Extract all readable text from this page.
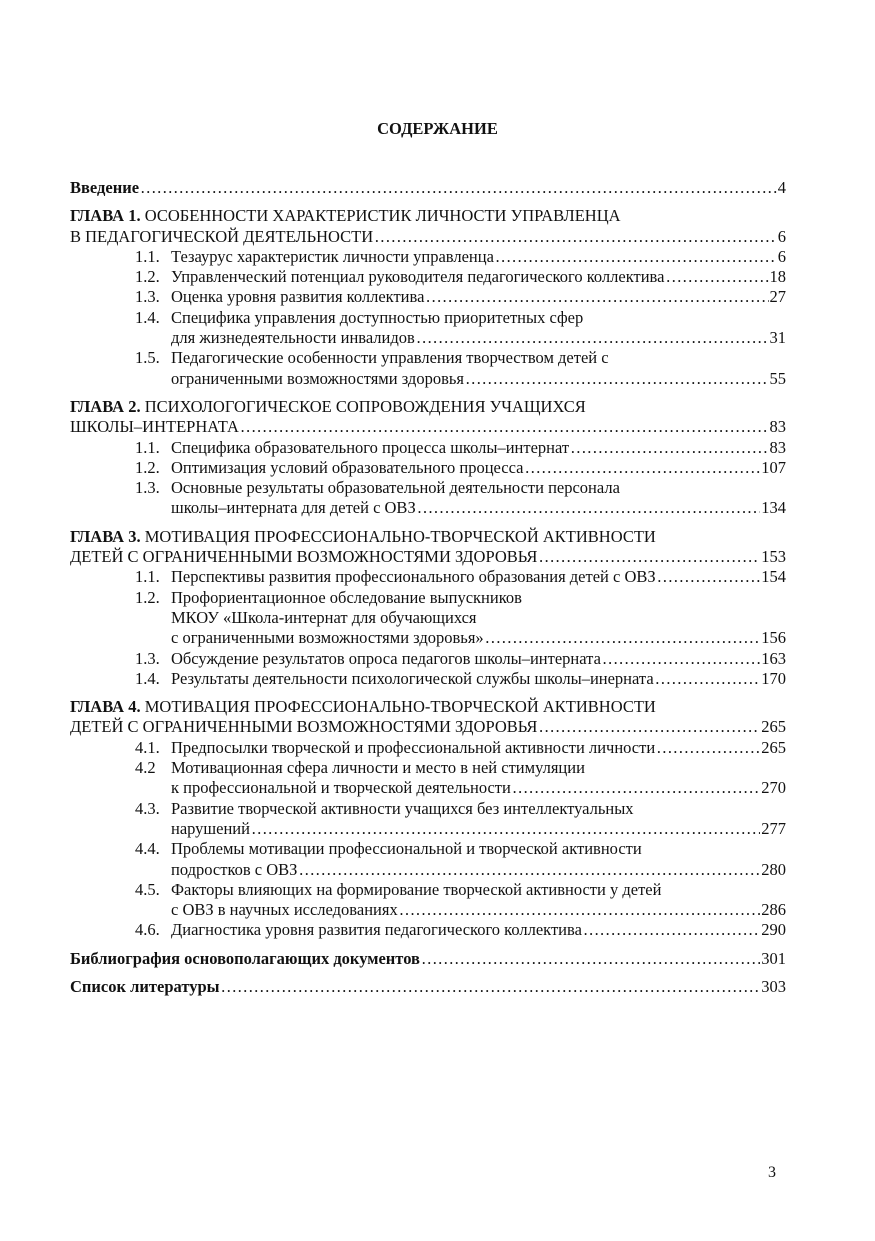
СОДЕРЖАНИЕ
Введение ……………………………………………………………………………………………………………………………………………………………	4
ГЛАВА 1.
ОСОБЕННОСТИ ХАРАКТЕРИСТИК ЛИЧНОСТИ УПРАВЛЕНЦА
В ПЕДАГОГИЧЕСКОЙ ДЕЯТЕЛЬНОСТИ ……………………………………………………………………………………………………………………………………………………………	6
1.1. Тезаурус характеристик личности управленца ……………………………………………………………………………………………………………………………………………………………	6
1.2. Управленческий потенциал руководителя педагогического коллектива ……………………………………………………………………………………………………………………………………………………………	18
1.3. Оценка уровня развития коллектива ……………………………………………………………………………………………………………………………………………………………	27
1.4. Специфика управления доступностью приоритетных сфер
для жизнедеятельности инвалидов ……………………………………………………………………………………………………………………………………………………………	31
1.5. Педагогические особенности управления творчеством детей с
ограниченными возможностями здоровья ……………………………………………………………………………………………………………………………………………………………	55
ГЛАВА 2.
ПСИХОЛОГОГИЧЕСКОЕ СОПРОВОЖДЕНИЯ УЧАЩИХСЯ
ШКОЛЫ–ИНТЕРНАТА ……………………………………………………………………………………………………………………………………………………………	83
1.1. Специфика образовательного процесса школы–интернат ……………………………………………………………………………………………………………………………………………………………	83
1.2. Оптимизация условий образовательного процесса ……………………………………………………………………………………………………………………………………………………………	107
1.3. Основные результаты образовательной деятельности персонала
школы–интерната для детей с ОВЗ ……………………………………………………………………………………………………………………………………………………………	134
ГЛАВА 3.
МОТИВАЦИЯ ПРОФЕССИОНАЛЬНО-ТВОРЧЕСКОЙ АКТИВНОСТИ
ДЕТЕЙ С ОГРАНИЧЕННЫМИ ВОЗМОЖНОСТЯМИ ЗДОРОВЬЯ ……………………………………………………………………………………………………………………………………………………………	153
1.1. Перспективы развития профессионального образования детей с ОВЗ ……………………………………………………………………………………………………………………………………………………………	154
1.2. Профориентационное обследование выпускников
МКОУ «Школа-интернат для обучающихся
с ограниченными возможностями здоровья» ……………………………………………………………………………………………………………………………………………………………	156
1.3. Обсуждение результатов опроса педагогов школы–интерната ……………………………………………………………………………………………………………………………………………………………	163
1.4. Результаты деятельности психологической службы школы–инерната ……………………………………………………………………………………………………………………………………………………………	170
ГЛАВА 4.
МОТИВАЦИЯ ПРОФЕССИОНАЛЬНО-ТВОРЧЕСКОЙ АКТИВНОСТИ
ДЕТЕЙ С ОГРАНИЧЕННЫМИ ВОЗМОЖНОСТЯМИ ЗДОРОВЬЯ ……………………………………………………………………………………………………………………………………………………………	265
4.1. Предпосылки творческой и профессиональной активности личности ……………………………………………………………………………………………………………………………………………………………	265
4.2 Мотивационная сфера личности и место в ней стимуляции
к профессиональной и творческой деятельности ……………………………………………………………………………………………………………………………………………………………	270
4.3. Развитие творческой активности учащихся без интеллектуальных
нарушений ……………………………………………………………………………………………………………………………………………………………	277
4.4. Проблемы мотивации профессиональной и творческой активности
подростков с ОВЗ ……………………………………………………………………………………………………………………………………………………………	280
4.5. Факторы влияющих на формирование творческой активности у детей
с ОВЗ в научных исследованиях ……………………………………………………………………………………………………………………………………………………………	286
4.6. Диагностика уровня развития педагогического коллектива ……………………………………………………………………………………………………………………………………………………………	290
Библиография основополагающих документов ……………………………………………………………………………………………………………………………………………………………	301
Список литературы ……………………………………………………………………………………………………………………………………………………………	303
3
